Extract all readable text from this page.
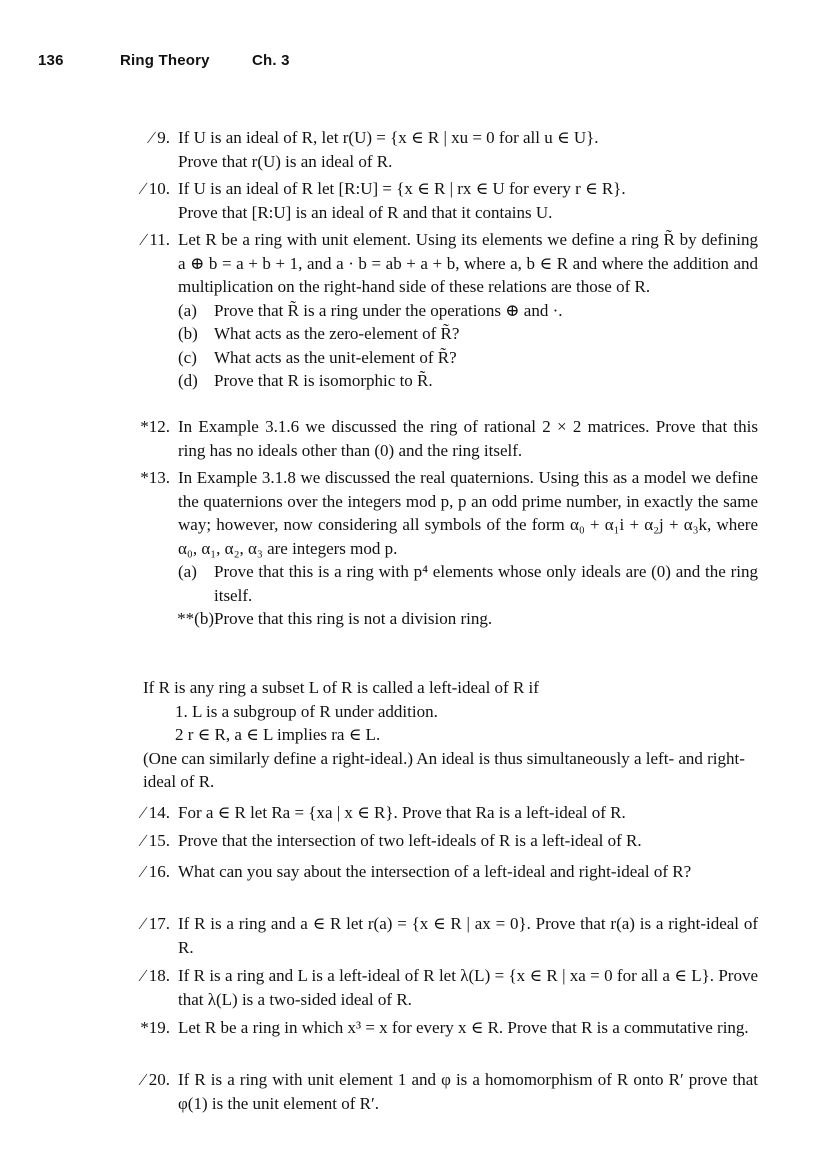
136	Ring Theory	Ch. 3
∕ 9. If U is an ideal of R, let r(U) = {x ∈ R | xu = 0 for all u ∈ U}.

Prove that r(U) is an ideal of R.

∕ 10. If U is an ideal of R let [R:U] = {x ∈ R | rx ∈ U for every r ∈ R}.

Prove that [R:U] is an ideal of R and that it contains U.

∕ 11. Let R be a ring with unit element. Using its elements we define a ring R̃ by defining a ⊕ b = a + b + 1, and a · b = ab + a + b, where a, b ∈ R and where the addition and multiplication on the right-hand side of these relations are those of R.

(a) Prove that R̃ is a ring under the operations ⊕ and ·.

(b) What acts as the zero-element of R̃?

(c) What acts as the unit-element of R̃?

(d) Prove that R is isomorphic to R̃.

*12. In Example 3.1.6 we discussed the ring of rational 2 × 2 matrices. Prove that this ring has no ideals other than (0) and the ring itself.

*13. In Example 3.1.8 we discussed the real quaternions. Using this as a model we define the quaternions over the integers mod p, p an odd prime number, in exactly the same way; however, now considering all symbols of the form α₀ + α₁i + α₂j + α₃k, where α₀, α₁, α₂, α₃ are integers mod p.

(a) Prove that this is a ring with p⁴ elements whose only ideals are (0) and the ring itself.

**(b) Prove that this ring is not a division ring.

If R is any ring a subset L of R is called a left-ideal of R if

1. L is a subgroup of R under addition.

2 r ∈ R, a ∈ L implies ra ∈ L.

(One can similarly define a right-ideal.) An ideal is thus simultaneously a left- and right-ideal of R.

∕ 14. For a ∈ R let Ra = {xa | x ∈ R}. Prove that Ra is a left-ideal of R.

∕ 15. Prove that the intersection of two left-ideals of R is a left-ideal of R.

∕ 16. What can you say about the intersection of a left-ideal and right-ideal of R?

∕ 17. If R is a ring and a ∈ R let r(a) = {x ∈ R | ax = 0}. Prove that r(a) is a right-ideal of R.

∕ 18. If R is a ring and L is a left-ideal of R let λ(L) = {x ∈ R | xa = 0 for all a ∈ L}. Prove that λ(L) is a two-sided ideal of R.

*19. Let R be a ring in which x³ = x for every x ∈ R. Prove that R is a commutative ring.

∕ 20. If R is a ring with unit element 1 and φ is a homomorphism of R onto R′ prove that φ(1) is the unit element of R′.
